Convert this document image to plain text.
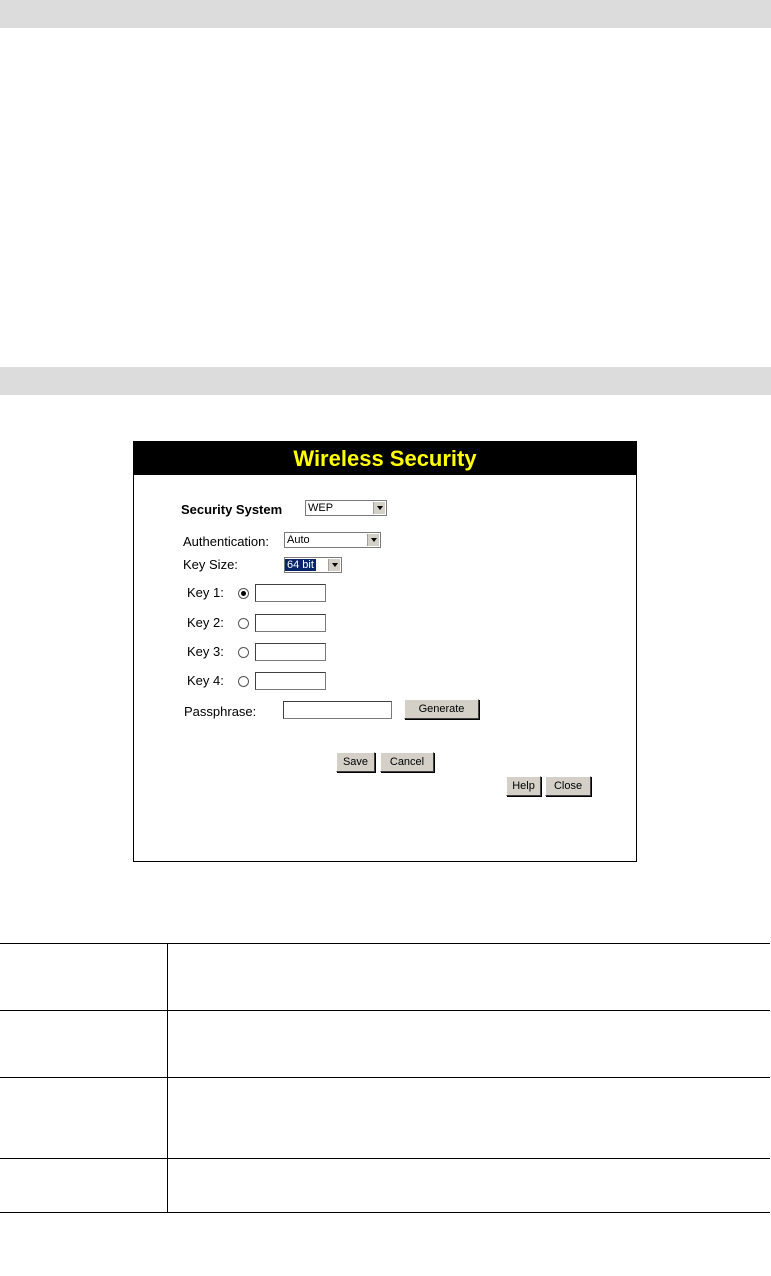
Wireless Security
Security System WEP
Authentication: Auto
Key Size:	64 bit
Key 1:
Key 2:
Key 3:
Key 4:
Passphrase:	Generate
Save	Cancel
Help	Close
